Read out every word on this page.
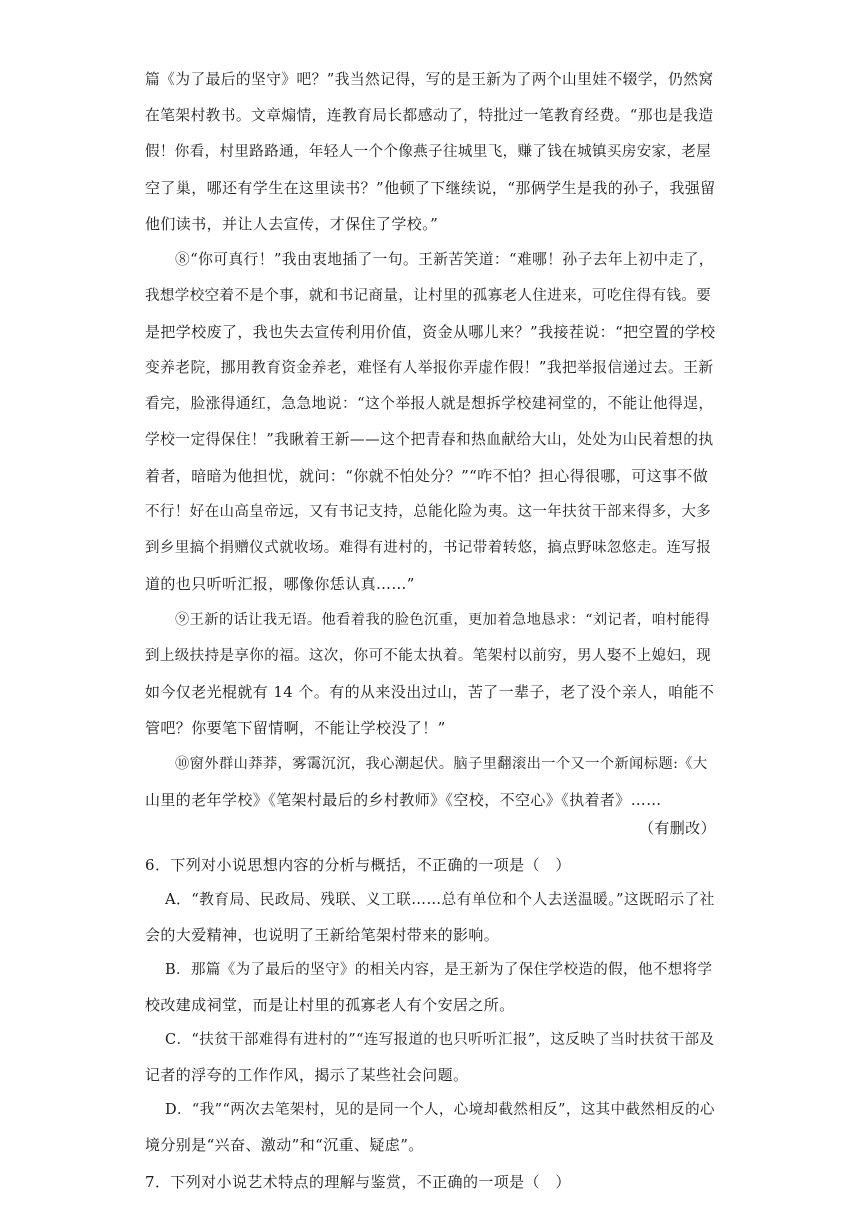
篇《为了最后的坚守》吧？”我当然记得，写的是王新为了两个山里娃不辍学，仍然窝
在笔架村教书。文章煽情，连教育局长都感动了，特批过一笔教育经费。“那也是我造
假！你看，村里路路通，年轻人一个个像燕子往城里飞，赚了钱在城镇买房安家，老屋
空了巢，哪还有学生在这里读书？”他顿了下继续说，“那俩学生是我的孙子，我强留
他们读书，并让人去宣传，才保住了学校。”
⑧“你可真行！”我由衷地插了一句。王新苦笑道：“难哪！孙子去年上初中走了，
我想学校空着不是个事，就和书记商量，让村里的孤寡老人住进来，可吃住得有钱。要
是把学校废了，我也失去宣传利用价值，资金从哪儿来？”我接茬说：“把空置的学校
变养老院，挪用教育资金养老，难怪有人举报你弄虚作假！”我把举报信递过去。王新
看完，脸涨得通红，急急地说：“这个举报人就是想拆学校建祠堂的，不能让他得逞，
学校一定得保住！”我瞅着王新——这个把青春和热血献给大山，处处为山民着想的执
着者，暗暗为他担忧，就问：“你就不怕处分？”“咋不怕？担心得很哪，可这事不做
不行！好在山高皇帝远，又有书记支持，总能化险为夷。这一年扶贫干部来得多，大多
到乡里搞个捐赠仪式就收场。难得有进村的，书记带着转悠，搞点野味忽悠走。连写报
道的也只听听汇报，哪像你恁认真……”
⑨王新的话让我无语。他看着我的脸色沉重，更加着急地恳求：“刘记者，咱村能得
到上级扶持是享你的福。这次，你可不能太执着。笔架村以前穷，男人娶不上媳妇，现
如今仅老光棍就有 14 个。有的从来没出过山，苦了一辈子，老了没个亲人，咱能不
管吧？你要笔下留情啊，不能让学校没了！”
⑩窗外群山莽莽，雾霭沉沉，我心潮起伏。脑子里翻滚出一个又一个新闻标题:《大
山里的老年学校》《笔架村最后的乡村教师》《空校，不空心》《执着者》……
（有删改）
6．下列对小说思想内容的分析与概括，不正确的一项是（　）
A．“教育局、民政局、残联、义工联……总有单位和个人去送温暖。”这既昭示了社
会的大爱精神，也说明了王新给笔架村带来的影响。
B．那篇《为了最后的坚守》的相关内容，是王新为了保住学校造的假，他不想将学
校改建成祠堂，而是让村里的孤寡老人有个安居之所。
C．“扶贫干部难得有进村的”“连写报道的也只听听汇报”，这反映了当时扶贫干部及
记者的浮夸的工作作风，揭示了某些社会问题。
D．“我”“两次去笔架村，见的是同一个人，心境却截然相反”，这其中截然相反的心
境分别是“兴奋、激动”和“沉重、疑虑”。
7．下列对小说艺术特点的理解与鉴赏，不正确的一项是（　）
